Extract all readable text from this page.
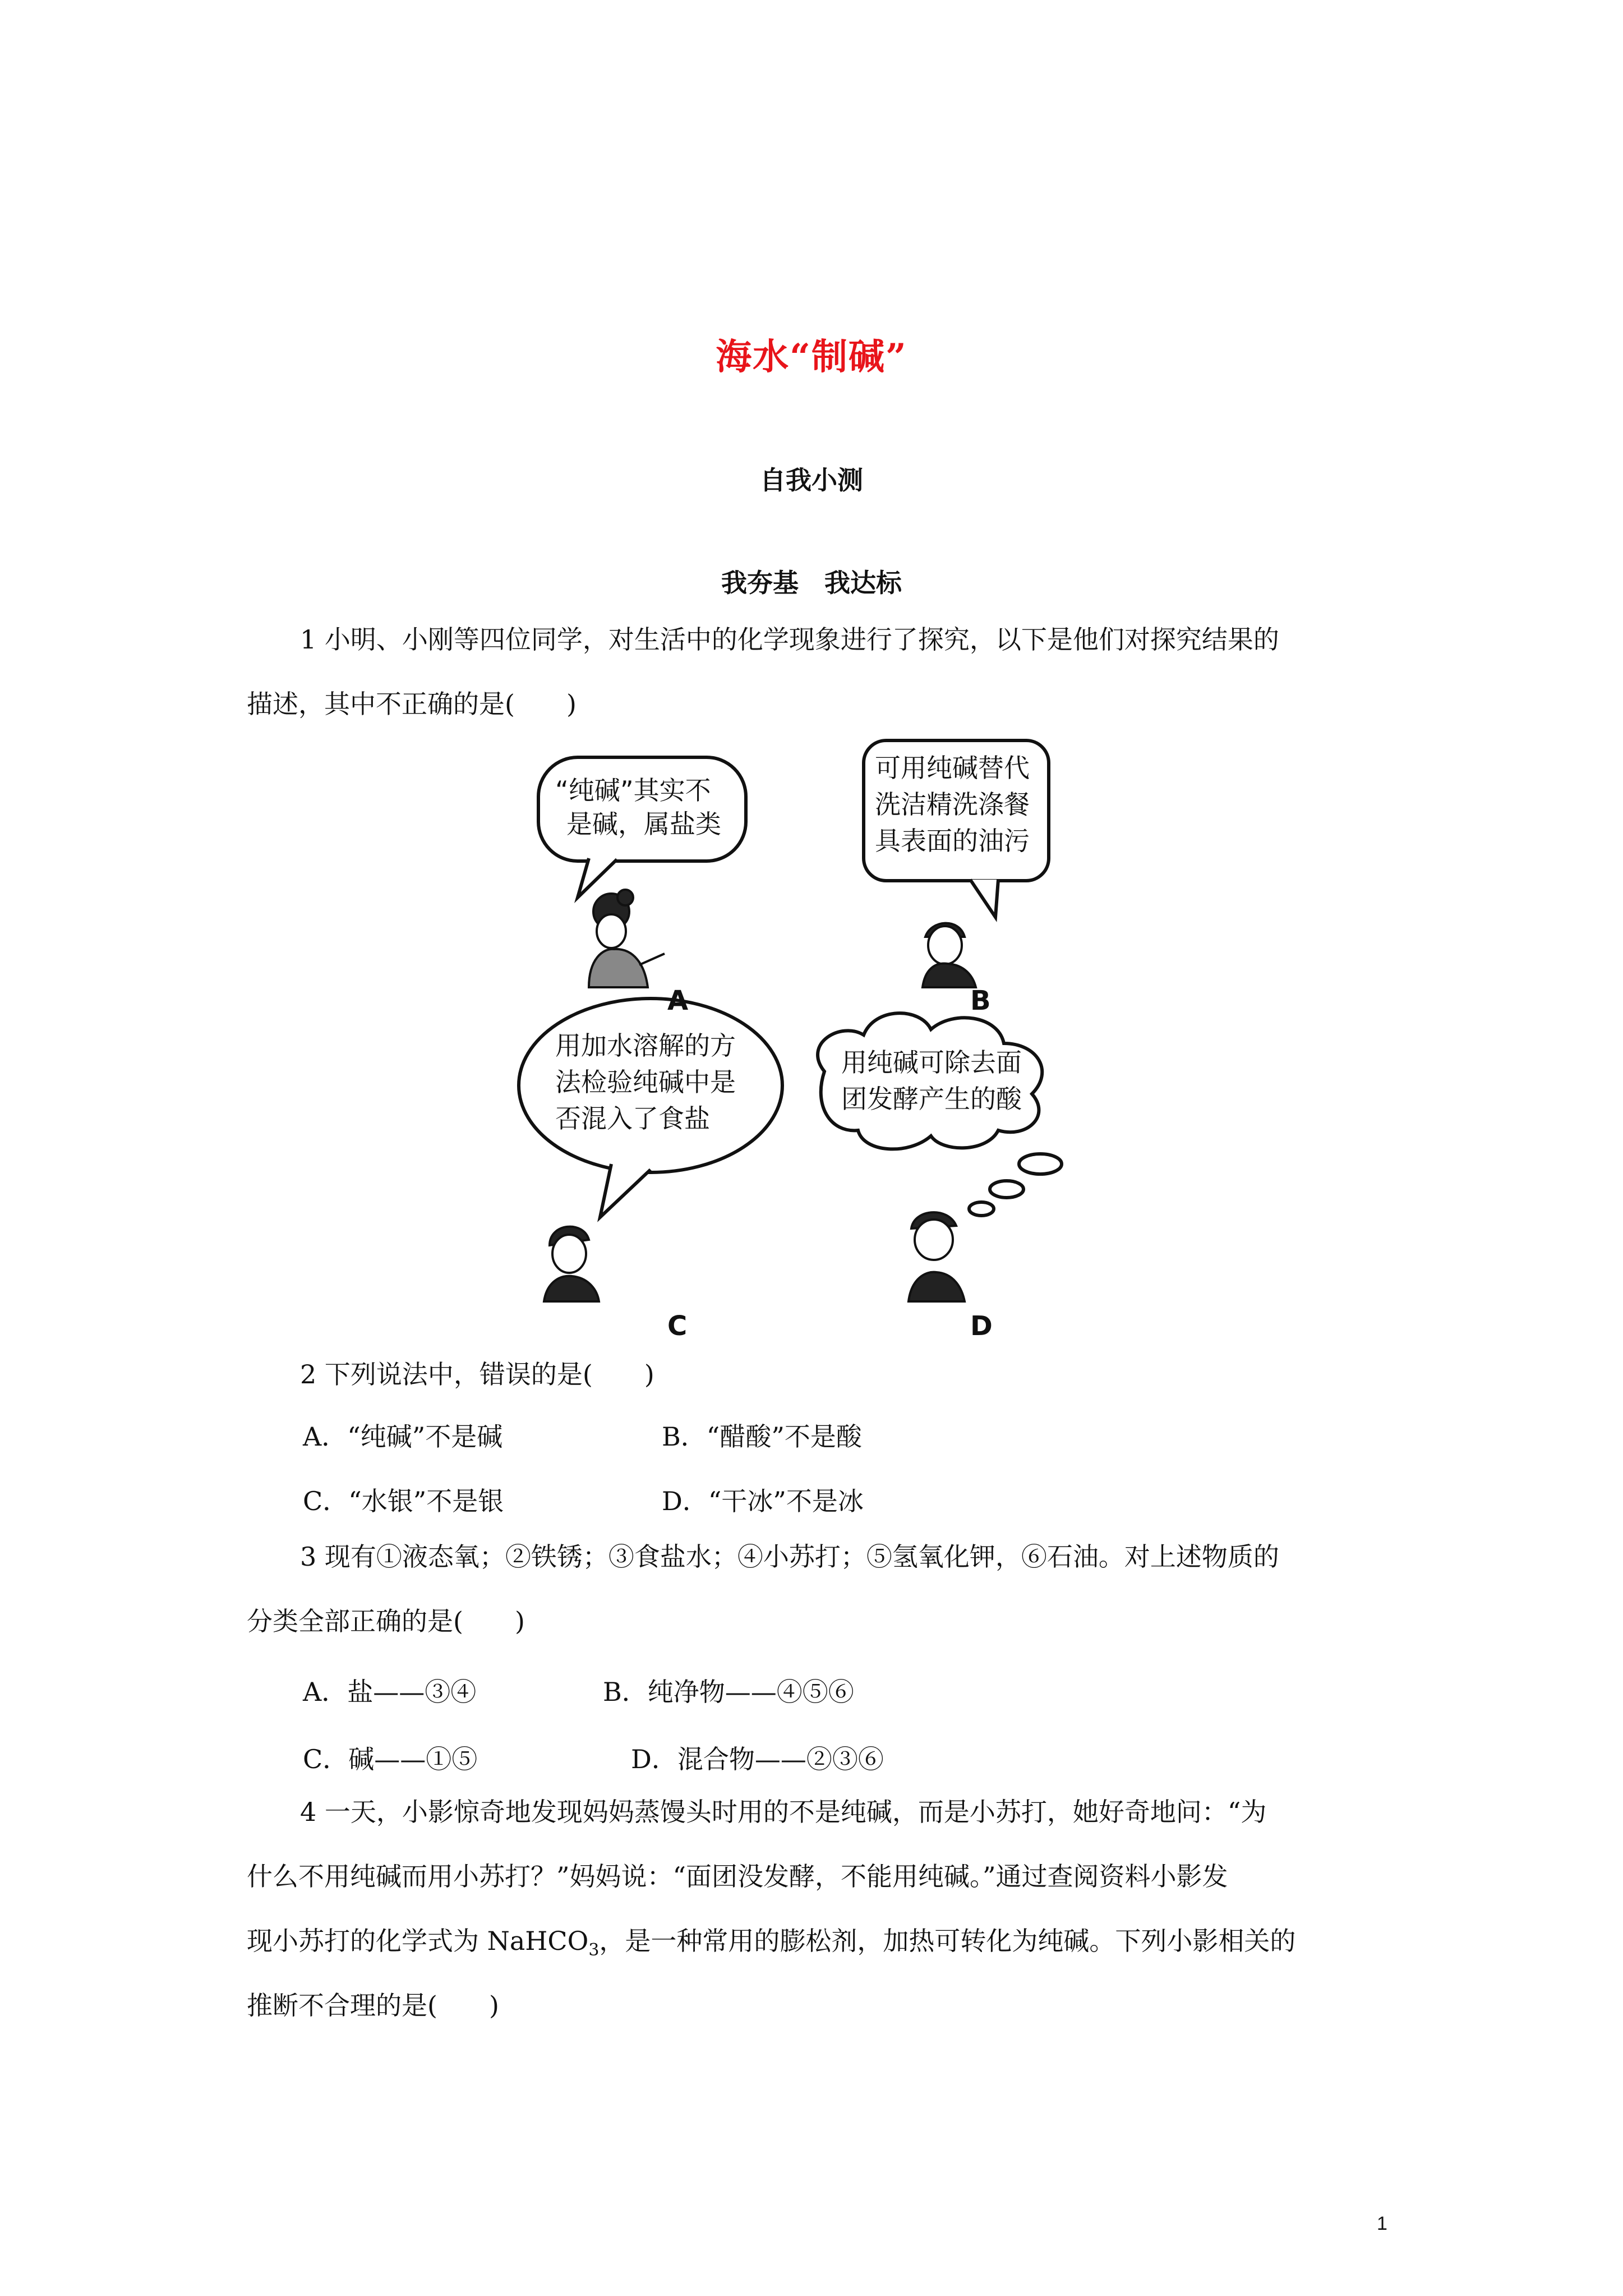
海水“制碱”
自我小测
我夯基　我达标
1 小明、小刚等四位同学，对生活中的化学现象进行了探究，以下是他们对探究结果的
描述，其中不正确的是(　　)
“纯碱”其实不
是碱，属盐类
可用纯碱替代
洗洁精洗涤餐
具表面的油污
用加水溶解的方
法检验纯碱中是
否混入了食盐
用纯碱可除去面
团发酵产生的酸
A	B
C	D
2 下列说法中，错误的是(　　)
A．“纯碱”不是碱	B．“醋酸”不是酸
C．“水银”不是银	D．“干冰”不是冰
3 现有①液态氧；②铁锈；③食盐水；④小苏打；⑤氢氧化钾，⑥石油。对上述物质的
分类全部正确的是(　　)
A．盐——③④	B．纯净物——④⑤⑥
C．碱——①⑤	D．混合物——②③⑥
4 一天，小影惊奇地发现妈妈蒸馒头时用的不是纯碱，而是小苏打，她好奇地问：“为
什么不用纯碱而用小苏打？”妈妈说：“面团没发酵，不能用纯碱。”通过查阅资料小影发
现小苏打的化学式为 NaHCO$_3$，是一种常用的膨松剂，加热可转化为纯碱。下列小影相关的
推断不合理的是(　　)
1
